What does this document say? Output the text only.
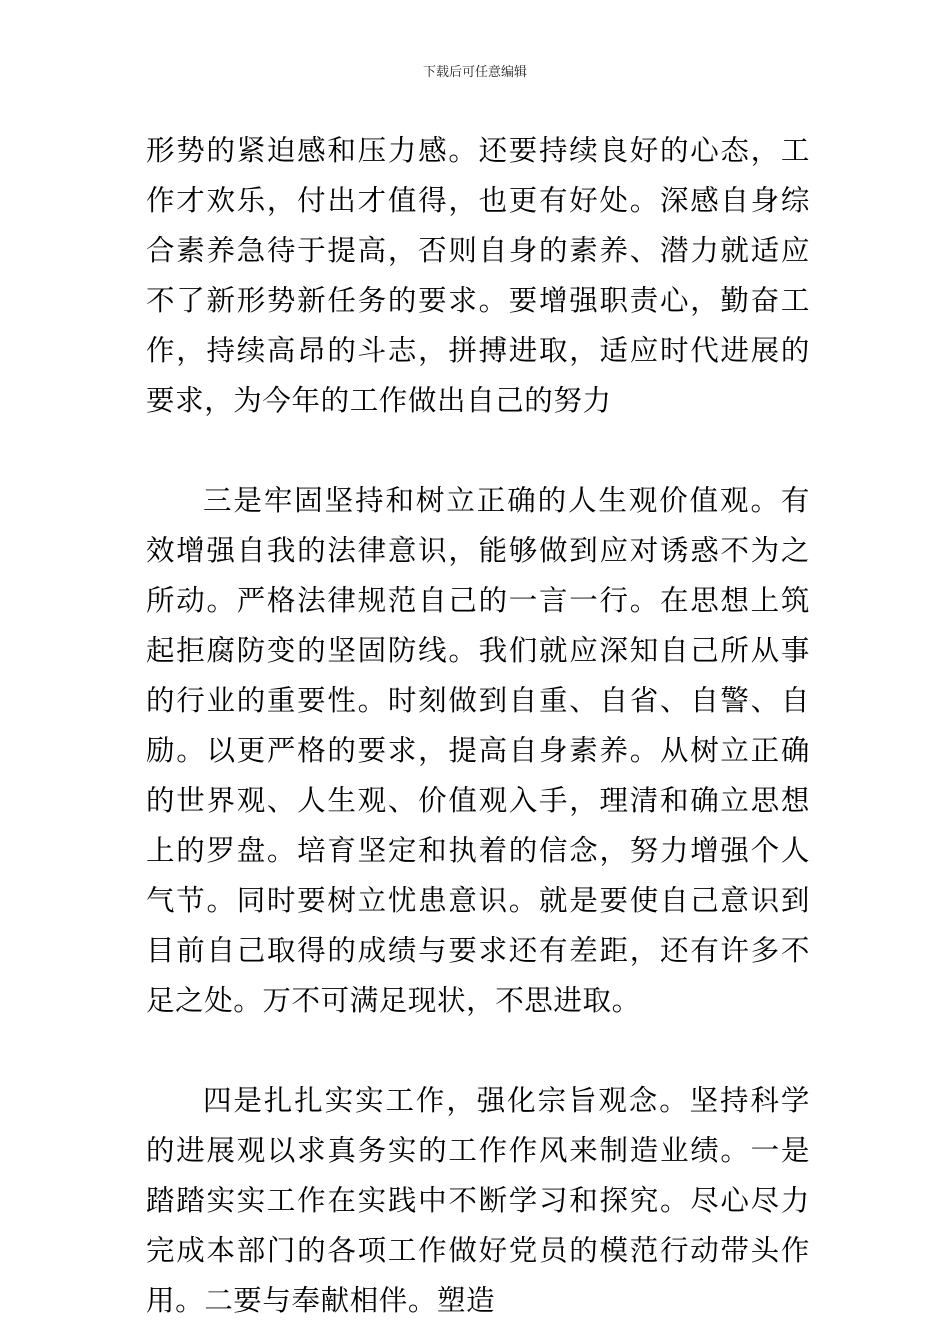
下载后可任意编辑

形势的紧迫感和压力感。还要持续良好的心态，工作才欢乐，付出才值得，也更有好处。深感自身综合素养急待于提高，否则自身的素养、潜力就适应不了新形势新任务的要求。要增强职责心，勤奋工作，持续高昂的斗志，拼搏进取，适应时代进展的要求，为今年的工作做出自己的努力

三是牢固坚持和树立正确的人生观价值观。有效增强自我的法律意识，能够做到应对诱惑不为之所动。严格法律规范自己的一言一行。在思想上筑起拒腐防变的坚固防线。我们就应深知自己所从事的行业的重要性。时刻做到自重、自省、自警、自励。以更严格的要求，提高自身素养。从树立正确的世界观、人生观、价值观入手，理清和确立思想上的罗盘。培育坚定和执着的信念，努力增强个人气节。同时要树立忧患意识。就是要使自己意识到目前自己取得的成绩与要求还有差距，还有许多不足之处。万不可满足现状，不思进取。

四是扎扎实实工作，强化宗旨观念。坚持科学的进展观以求真务实的工作作风来制造业绩。一是踏踏实实工作在实践中不断学习和探究。尽心尽力完成本部门的各项工作做好党员的模范行动带头作用。二要与奉献相伴。塑造
